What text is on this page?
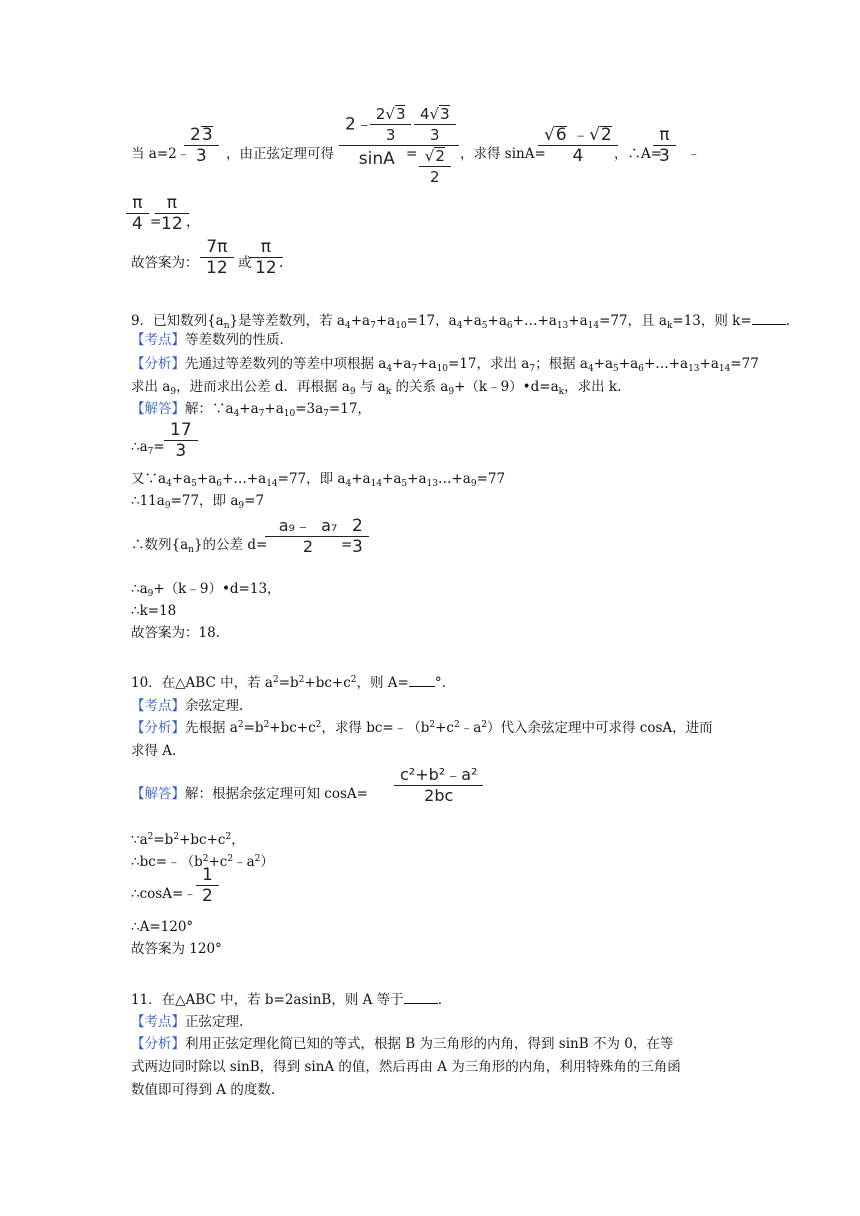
当 a=2﹣
$\frac{23}{3}$ ，由正弦定理可得 $\frac{2﹣ \frac{2√3}{3}}{\sin A}$
=
$\frac{\frac{4√3}{3}}{\frac{√2}{2}}$ ，求得 sinA=
$\frac{√6 ﹣√2}{4}$ ，∴A=
$\frac{\pi}{3}$ ﹣
$\frac{\pi}{4}$ =
$\frac{\pi}{12}$ ，
故答案为： $\frac{7\pi}{12}$ 或 $\frac{\pi}{12}$ .
9．已知数列$\{a_n\}$是等差数列，若 $a_4+a_7+a_{10}=17$，$a_4+a_5+a_6+\dots+a_{13}+a_{14}=77$，且 $a_k=13$，则 k=	.
【考点】等差数列的性质.
【分析】先通过等差数列的等差中项根据 $a_4+a_7+a_{10}=17$，求出 $a_7$；根据 $a_4+a_5+a_6+\dots+a_{13}+a_{14}=77$
求出 $a_9$，进而求出公差 d．再根据 $a_9$ 与 $a_k$ 的关系 $a_9+(k﹣9)•d=a_k$，求出 k.
【解答】解：$\because a_4+a_7+a_{10}=3a_7=17$，
$\therefore a_7= \frac{17}{3}$
又$\because a_4+a_5+a_6+\dots+a_{14}=77$，即 $a_4+a_{14}+a_5+a_{13}\dots+a_9=77$
$\therefore 11a_9=77$，即 $a_9=7$
∴数列$\{a_n\}$的公差 $d= \frac{\text{a₉﹣ a₇}}{2}$
=
$\frac{2}{3}$
$\therefore a_9+(k﹣9)•d=13$，
∴k=18
故答案为：18.
10．在△ABC 中，若 $a^2=b^2+bc+c^2$，则 A= °.
【考点】余弦定理.
【分析】先根据 $a^2=b^2+bc+c^2$，求得 $bc=﹣(b^2+c^2﹣a^2)$代入余弦定理中可求得 cosA，进而
求得 A.
【解答】解：根据余弦定理可知 $\cos A= \frac{\text{c²+b²﹣a²}}{2bc}$
$\because a^2=b^2+bc+c^2$，
$\therefore bc=﹣(b^2+c^2﹣a^2)$
∴cosA=﹣ $\frac{1}{2}$
∴A=120°
故答案为 120°
11．在△ABC 中，若 b=2asinB，则 A 等于	.
【考点】正弦定理.
【分析】利用正弦定理化简已知的等式，根据 B 为三角形的内角，得到 sinB 不为 0，在等
式两边同时除以 sinB，得到 sinA 的值，然后再由 A 为三角形的内角，利用特殊角的三角函
数值即可得到 A 的度数.
